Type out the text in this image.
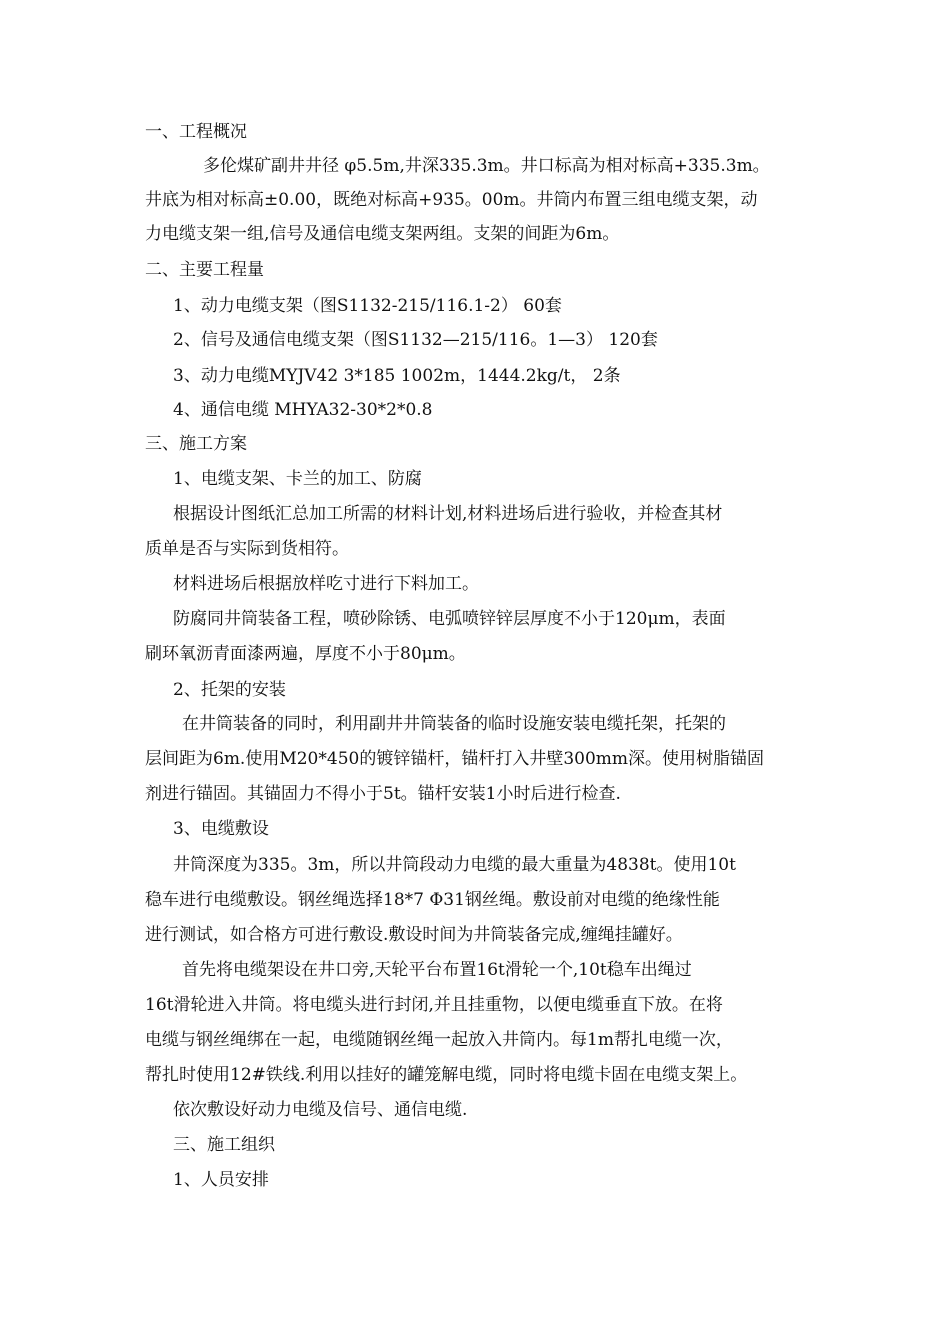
一、工程概况
多伦煤矿副井井径 φ5.5m,井深335.3m。井口标高为相对标高+335.3m。
井底为相对标高±0.00，既绝对标高+935。00m。井筒内布置三组电缆支架，动
力电缆支架一组,信号及通信电缆支架两组。支架的间距为6m。
二、主要工程量
1、动力电缆支架（图S1132-215/116.1-2） 60套
2、信号及通信电缆支架（图S1132—215/116。1—3） 120套
3、动力电缆MYJV42 3*185 1002m，1444.2kg/t， 2条
4、通信电缆 MHYA32-30*2*0.8
三、施工方案
1、电缆支架、卡兰的加工、防腐
根据设计图纸汇总加工所需的材料计划,材料进场后进行验收，并检查其材
质单是否与实际到货相符。
材料进场后根据放样吃寸进行下料加工。
防腐同井筒装备工程，喷砂除锈、电弧喷锌锌层厚度不小于120μm，表面
刷环氧沥青面漆两遍，厚度不小于80μm。
2、托架的安装
在井筒装备的同时，利用副井井筒装备的临时设施安装电缆托架，托架的
层间距为6m.使用M20*450的镀锌锚杆，锚杆打入井壁300mm深。使用树脂锚固
剂进行锚固。其锚固力不得小于5t。锚杆安装1小时后进行检查.
3、电缆敷设
井筒深度为335。3m，所以井筒段动力电缆的最大重量为4838t。使用10t
稳车进行电缆敷设。钢丝绳选择18*7 Φ31钢丝绳。敷设前对电缆的绝缘性能
进行测试，如合格方可进行敷设.敷设时间为井筒装备完成,缠绳挂罐好。
首先将电缆架设在井口旁,天轮平台布置16t滑轮一个,10t稳车出绳过
16t滑轮进入井筒。将电缆头进行封闭,并且挂重物，以便电缆垂直下放。在将
电缆与钢丝绳绑在一起，电缆随钢丝绳一起放入井筒内。每1m帮扎电缆一次，
帮扎时使用12#铁线.利用以挂好的罐笼解电缆，同时将电缆卡固在电缆支架上。
依次敷设好动力电缆及信号、通信电缆.
三、施工组织
1、人员安排
